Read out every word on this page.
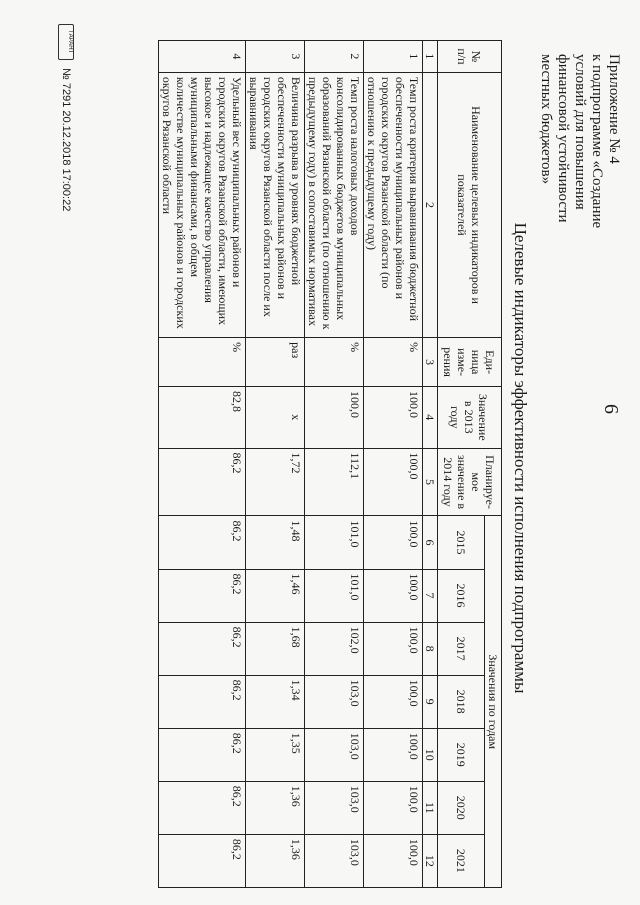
6
Приложение № 4
к подпрограмме «Создание
условий для повышения
финансовой устойчивости
местных бюджетов»
Целевые индикаторы эффективности исполнения подпрограммы
№ п/п	Наименование целевых индикаторов и показателей	Еди-ница изме-рения	Значение в 2013 году	Планируе-мое значение в 2014 году	Значения по годам						
					2015	2016	2017	2018	2019	2020	2021
1	2	3	4	5	6	7	8	9	10	11	12
1	Темп роста критерия выравнивания бюджетной обеспеченности муниципальных районов и городских округов Рязанской области (по отношению к предыдущему году)	%	100,0	100,0	100,0	100,0	100,0	100,0	100,0	100,0	100,0
2	Темп роста налоговых доходов консолидированных бюджетов муниципальных образований Рязанской области (по отношению к предыдущему году) в сопоставимых нормативах	%	100,0	112,1	101,0	101,0	102,0	103,0	103,0	103,0	103,0
3	Величина разрыва в уровнях бюджетной обеспеченности муниципальных районов и городских округов Рязанской области после их выравнивания	раз	x	1,72	1,48	1,46	1,68	1,34	1,35	1,36	1,36
4	Удельный вес муниципальных районов и городских округов Рязанской области, имеющих высокое и надлежащее качество управления муниципальными финансами, в общем количестве муниципальных районов и городских округов Рязанской области	%	82,8	86,2	86,2	86,2	86,2	86,2	86,2	86,2	86,2
ГАРАНТ
№ 7291 20.12.2018 17:00:22
